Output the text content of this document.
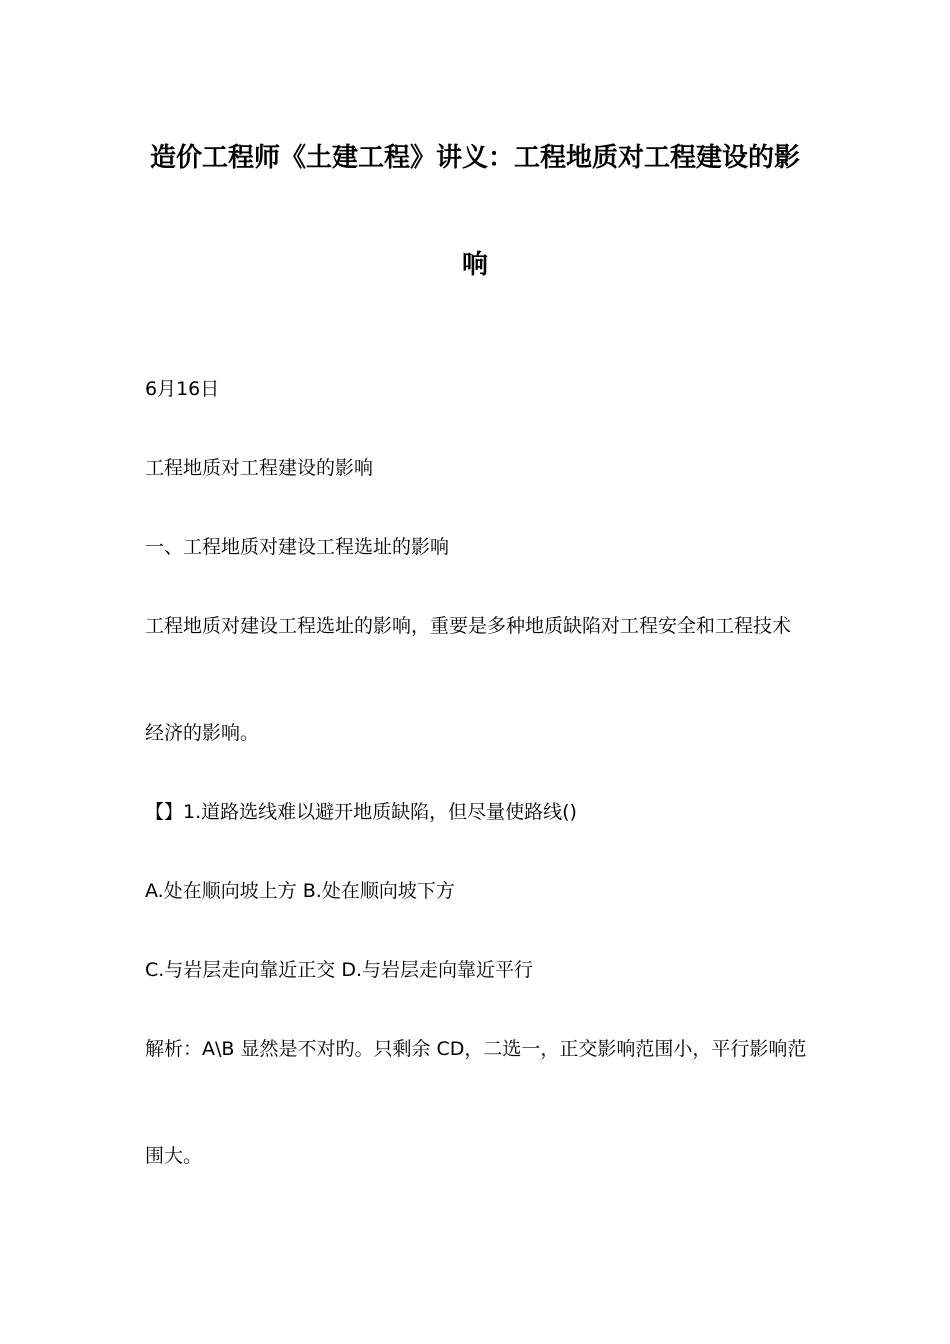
造价工程师《土建工程》讲义：工程地质对工程建设的影
响
6月16日
工程地质对工程建设的影响
一、工程地质对建设工程选址的影响
工程地质对建设工程选址的影响，重要是多种地质缺陷对工程安全和工程技术
经济的影响。
【】1.道路选线难以避开地质缺陷，但尽量使路线()
A.处在顺向坡上方 B.处在顺向坡下方
C.与岩层走向靠近正交 D.与岩层走向靠近平行
解析：A\B 显然是不对旳。只剩余 CD，二选一，正交影响范围小，平行影响范
围大。
